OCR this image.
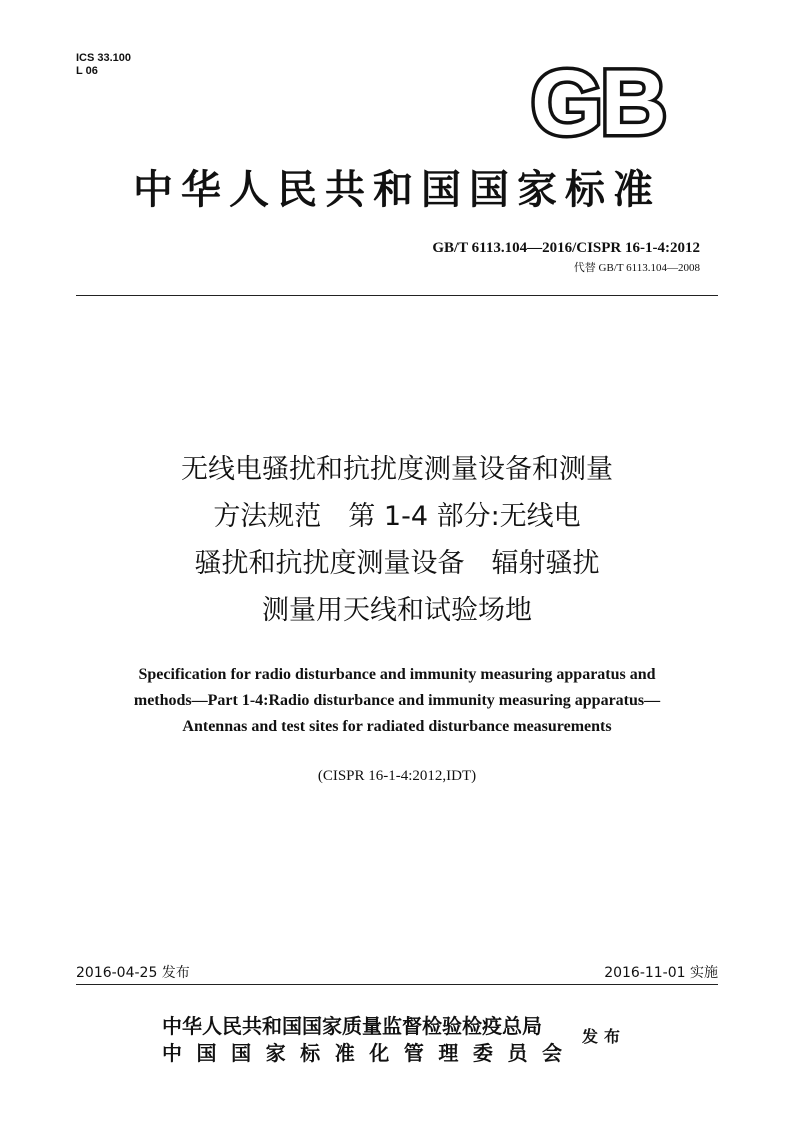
ICS 33.100
L 06	GB
中华人民共和国国家标准
GB/T 6113.104—2016/CISPR 16-1-4:2012
代替 GB/T 6113.104—2008
无线电骚扰和抗扰度测量设备和测量
方法规范　第 1-4 部分:无线电
骚扰和抗扰度测量设备　辐射骚扰
测量用天线和试验场地
Specification for radio disturbance and immunity measuring apparatus and
methods—Part 1-4:Radio disturbance and immunity measuring apparatus—
Antennas and test sites for radiated disturbance measurements
(CISPR 16-1-4:2012,IDT)
2016-04-25 发布	2016-11-01 实施
中华人民共和国国家质量监督检验检疫总局
中国国家标准化管理委员会
发布
